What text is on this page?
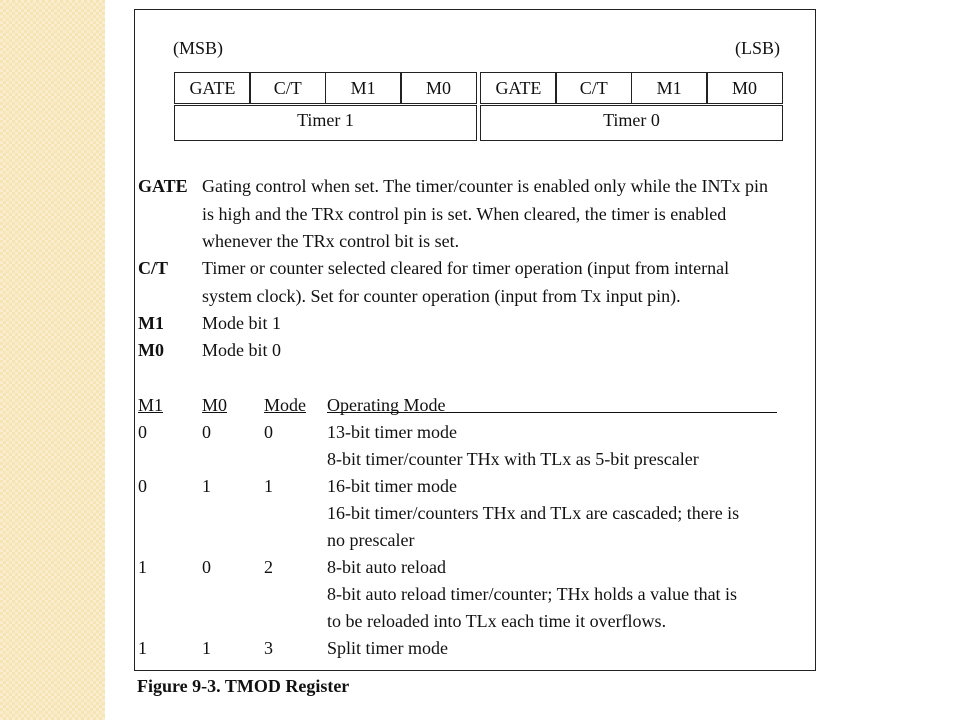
(MSB)	(LSB)
GATE	C/T	M1	M0	GATE	C/T	M1	M0
Timer 1	Timer 0
GATE Gating control when set. The timer/counter is enabled only while the INTx pin
is high and the TRx control pin is set. When cleared, the timer is enabled
whenever the TRx control bit is set.
C/T	Timer or counter selected cleared for timer operation (input from internal
system clock). Set for counter operation (input from Tx input pin).
M1	Mode bit 1
M0	Mode bit 0
M1 M0 Mode Operating Mode
0	0	0	13-bit timer mode
8-bit timer/counter THx with TLx as 5-bit prescaler
0	1	1	16-bit timer mode
16-bit timer/counters THx and TLx are cascaded; there is
no prescaler
1	0	2	8-bit auto reload
8-bit auto reload timer/counter; THx holds a value that is
to be reloaded into TLx each time it overflows.
1	1	3	Split timer mode
Figure 9-3. TMOD Register
